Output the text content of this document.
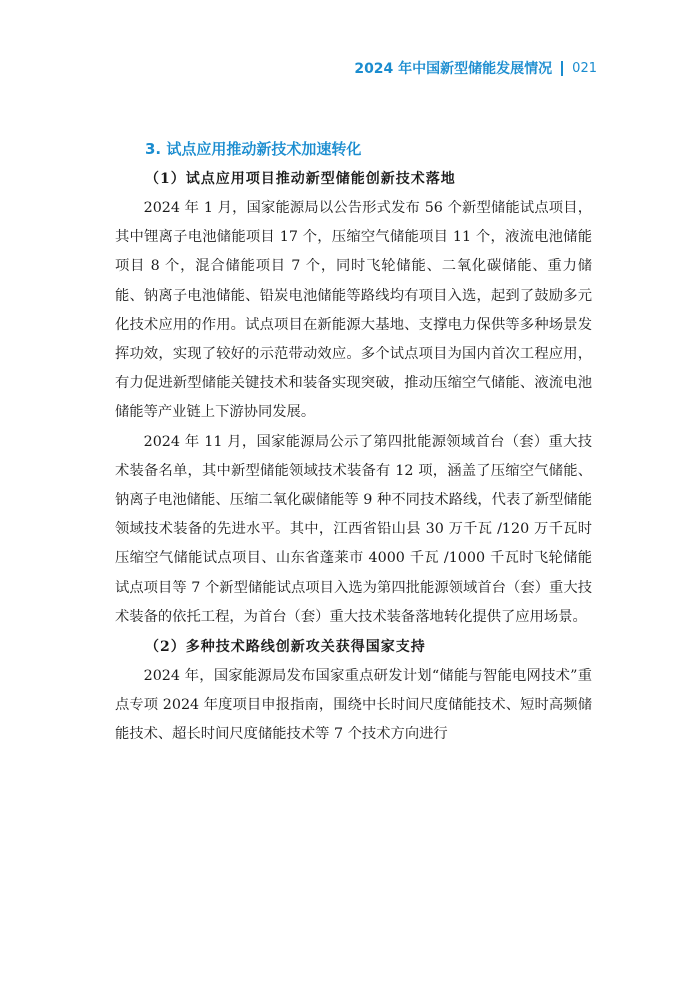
2024 年中国新型储能发展情况 021
3. 试点应用推动新技术加速转化
（1）试点应用项目推动新型储能创新技术落地

2024 年 1 月，国家能源局以公告形式发布 56 个新型储能试点项目，其中锂离子电池储能项目 17 个，压缩空气储能项目 11 个，液流电池储能项目 8 个，混合储能项目 7 个，同时飞轮储能、二氧化碳储能、重力储能、钠离子电池储能、铅炭电池储能等路线均有项目入选，起到了鼓励多元化技术应用的作用。试点项目在新能源大基地、支撑电力保供等多种场景发挥功效，实现了较好的示范带动效应。多个试点项目为国内首次工程应用，有力促进新型储能关键技术和装备实现突破，推动压缩空气储能、液流电池储能等产业链上下游协同发展。

2024 年 11 月，国家能源局公示了第四批能源领域首台（套）重大技术装备名单，其中新型储能领域技术装备有 12 项，涵盖了压缩空气储能、钠离子电池储能、压缩二氧化碳储能等 9 种不同技术路线，代表了新型储能领域技术装备的先进水平。其中，江西省铅山县 30 万千瓦 /120 万千瓦时压缩空气储能试点项目、山东省蓬莱市 4000 千瓦 /1000 千瓦时飞轮储能试点项目等 7 个新型储能试点项目入选为第四批能源领域首台（套）重大技术装备的依托工程，为首台（套）重大技术装备落地转化提供了应用场景。

（2）多种技术路线创新攻关获得国家支持

2024 年，国家能源局发布国家重点研发计划“储能与智能电网技术”重点专项 2024 年度项目申报指南，围绕中长时间尺度储能技术、短时高频储能技术、超长时间尺度储能技术等 7 个技术方向进行
